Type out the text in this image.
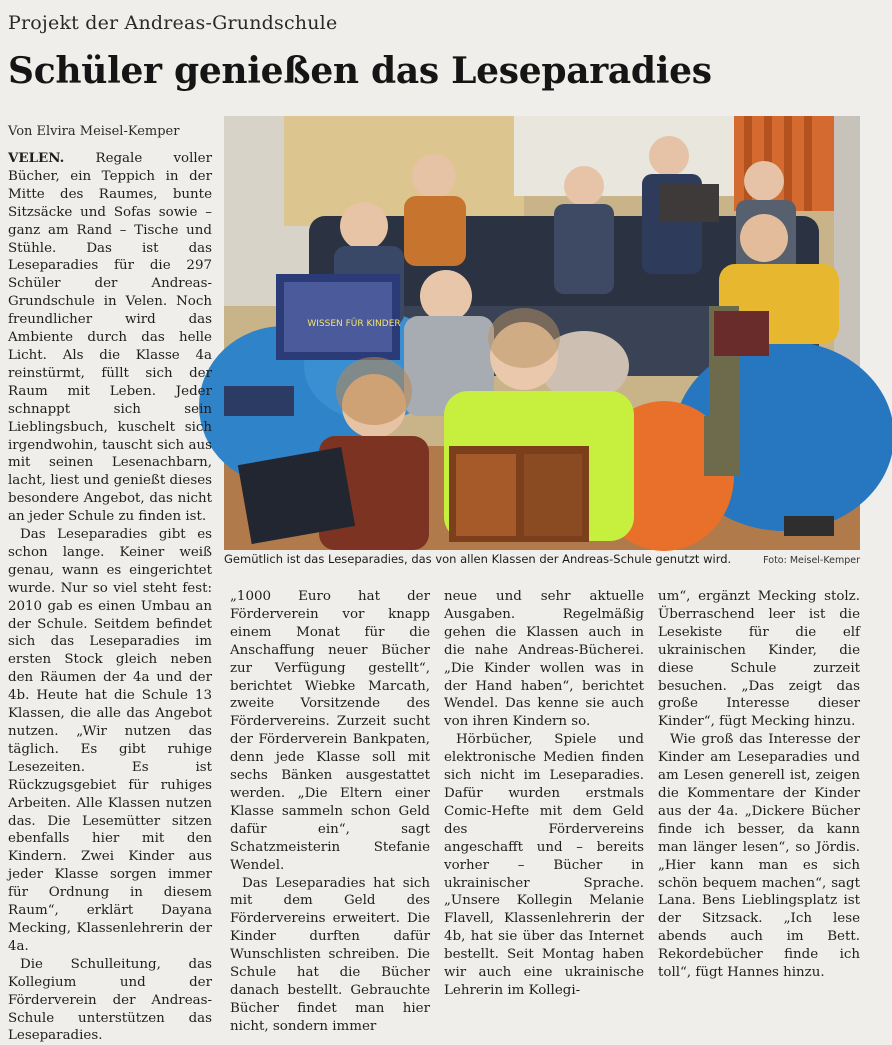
Projekt der Andreas-Grundschule
Schüler genießen das Leseparadies
Von Elvira Meisel-Kemper
WISSEN FÜR KINDER
Gemütlich ist das Leseparadies, das von allen Klassen der Andreas-Schule genutzt wird.	Foto: Meisel-Kemper

VELEN. Regale voller Bücher, ein Teppich in der Mitte des Raumes, bunte Sitzsäcke und Sofas sowie – ganz am Rand – Tische und Stühle. Das ist das Leseparadies für die 297 Schüler der Andreas-Grundschule in Velen. Noch freundlicher wird das Ambiente durch das helle Licht. Als die Klasse 4a reinstürmt, füllt sich der Raum mit Leben. Jeder schnappt sich sein Lieblingsbuch, kuschelt sich irgendwohin, tauscht sich aus mit seinen Lesenachbarn, lacht, liest und genießt dieses besondere Angebot, das nicht an jeder Schule zu finden ist.

Das Leseparadies gibt es schon lange. Keiner weiß genau, wann es eingerichtet wurde. Nur so viel steht fest: 2010 gab es einen Umbau an der Schule. Seitdem befindet sich das Leseparadies im ersten Stock gleich neben den Räumen der 4a und der 4b. Heute hat die Schule 13 Klassen, die alle das Angebot nutzen. „Wir nutzen das täglich. Es gibt ruhige Lesezeiten. Es ist Rückzugsgebiet für ruhiges Arbeiten. Alle Klassen nutzen das. Die Lesemütter sitzen ebenfalls hier mit den Kindern. Zwei Kinder aus jeder Klasse sorgen immer für Ordnung in diesem Raum“, erklärt Dayana Mecking, Klassenlehrerin der 4a.

Die Schulleitung, das Kollegium und der Förderverein der Andreas-Schule unterstützen das Leseparadies.

„1000 Euro hat der Förderverein vor knapp einem Monat für die Anschaffung neuer Bücher zur Verfügung gestellt“, berichtet Wiebke Marcath, zweite Vorsitzende des Fördervereins. Zurzeit sucht der Förderverein Bankpaten, denn jede Klasse soll mit sechs Bänken ausgestattet werden. „Die Eltern einer Klasse sammeln schon Geld dafür ein“, sagt Schatzmeisterin Stefanie Wendel.

Das Leseparadies hat sich mit dem Geld des Fördervereins erweitert. Die Kinder durften dafür Wunschlisten schreiben. Die Schule hat die Bücher danach bestellt. Gebrauchte Bücher findet man hier nicht, sondern immer

neue und sehr aktuelle Ausgaben. Regelmäßig gehen die Klassen auch in die nahe Andreas-Bücherei. „Die Kinder wollen was in der Hand haben“, berichtet Wendel. Das kenne sie auch von ihren Kindern so.

Hörbücher, Spiele und elektronische Medien finden sich nicht im Leseparadies. Dafür wurden erstmals Comic-Hefte mit dem Geld des Fördervereins angeschafft und – bereits vorher – Bücher in ukrainischer Sprache. „Unsere Kollegin Melanie Flavell, Klassenlehrerin der 4b, hat sie über das Internet bestellt. Seit Montag haben wir auch eine ukrainische Lehrerin im Kollegi-

um“, ergänzt Mecking stolz. Überraschend leer ist die Lesekiste für die elf ukrainischen Kinder, die diese Schule zurzeit besuchen. „Das zeigt das große Interesse dieser Kinder“, fügt Mecking hinzu.

Wie groß das Interesse der Kinder am Leseparadies und am Lesen generell ist, zeigen die Kommentare der Kinder aus der 4a. „Dickere Bücher finde ich besser, da kann man länger lesen“, so Jördis. „Hier kann man es sich schön bequem machen“, sagt Lana. Bens Lieblingsplatz ist der Sitzsack. „Ich lese abends auch im Bett. Rekordebücher finde ich toll“, fügt Hannes hinzu.
